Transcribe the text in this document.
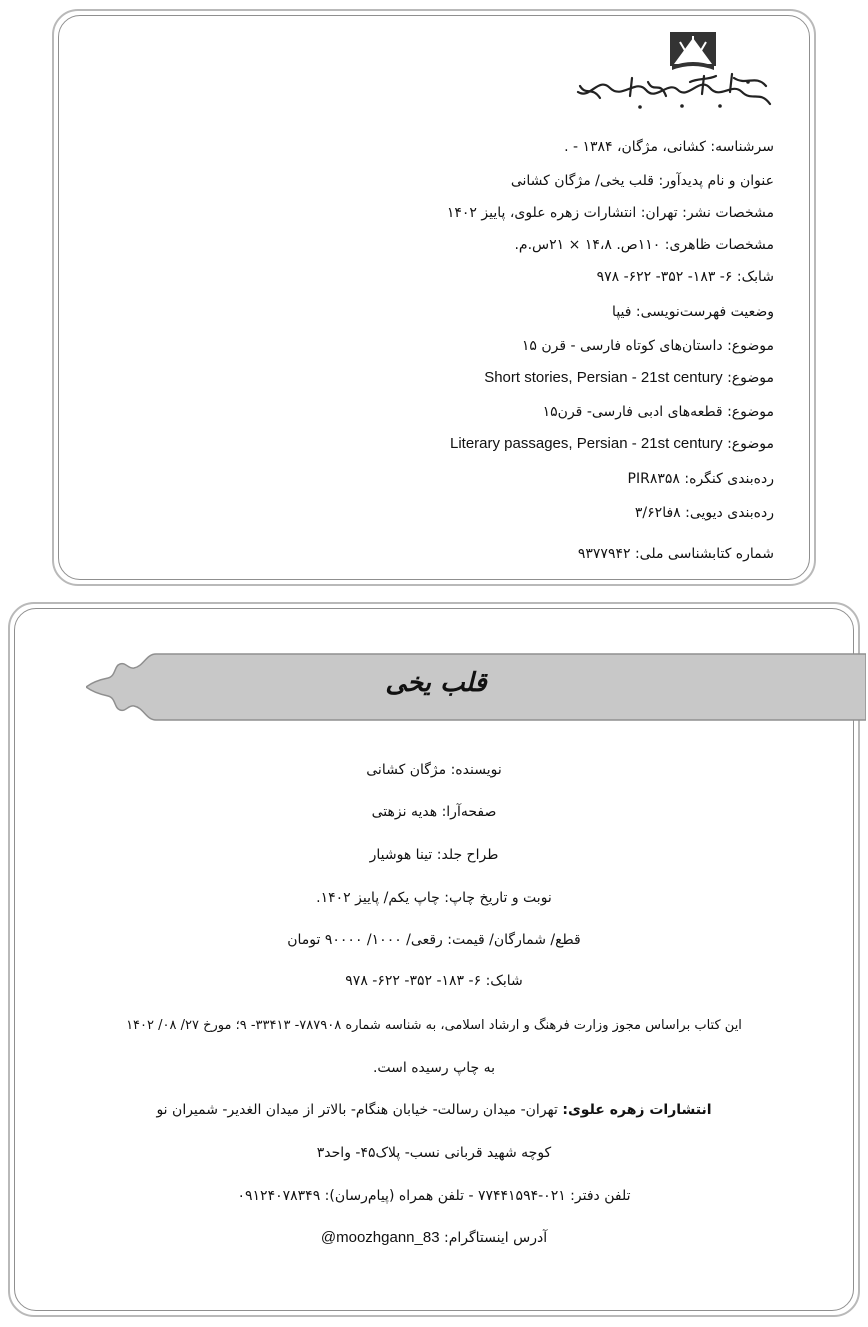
سرشناسه: کشانی، مژگان، ۱۳۸۴ - .
عنوان و نام پدیدآور: قلب یخی/ مژگان کشانی
مشخصات نشر: تهران: انتشارات زهره علوی، پاییز ۱۴۰۲
مشخصات ظاهری: ۱۱۰ص. ۱۴،۸ × ۲۱س.م.
شابک: ۶- ۱۸۳- ۳۵۲- ۶۲۲- ۹۷۸
وضعیت فهرست‌نویسی: فیپا
موضوع: داستان‌های کوتاه فارسی - قرن ۱۵
موضوع: Short stories, Persian - 21st century
موضوع: قطعه‌های ادبی فارسی- قرن۱۵
موضوع: Literary passages, Persian - 21st century
رده‌بندی کنگره: PIR۸۳۵۸
رده‌بندی دیویی: ۸فا۳/۶۲
شماره کتابشناسی ملی: ۹۳۷۷۹۴۲
قلب یخی
نویسنده: مژگان کشانی
صفحه‌آرا: هدیه نزهتی
طراح جلد: تینا هوشیار
نوبت و تاریخ چاپ: چاپ یکم/ پاییز ۱۴۰۲.
قطع/ شمارگان/ قیمت: رقعی/ ۱۰۰۰/ ۹۰۰۰۰ تومان
شابک: ۶- ۱۸۳- ۳۵۲- ۶۲۲- ۹۷۸
این کتاب براساس مجوز وزارت فرهنگ و ارشاد اسلامی، به شناسه شماره ۷۸۷۹۰۸- ۳۳۴۱۳- ۹؛ مورخ ۲۷/ ۰۸/ ۱۴۰۲
به چاپ رسیده است.
انتشارات زهره علوی: تهران- میدان رسالت- خیابان هنگام- بالاتر از میدان الغدیر- شمیران نو
کوچه شهید قربانی نسب- پلاک۴۵- واحد۳
تلفن دفتر: ۰۲۱-۷۷۴۴۱۵۹۴ - تلفن همراه (پیام‌رسان): ۰۹۱۲۴۰۷۸۳۴۹
آدرس اینستاگرام: @moozhgann_83
